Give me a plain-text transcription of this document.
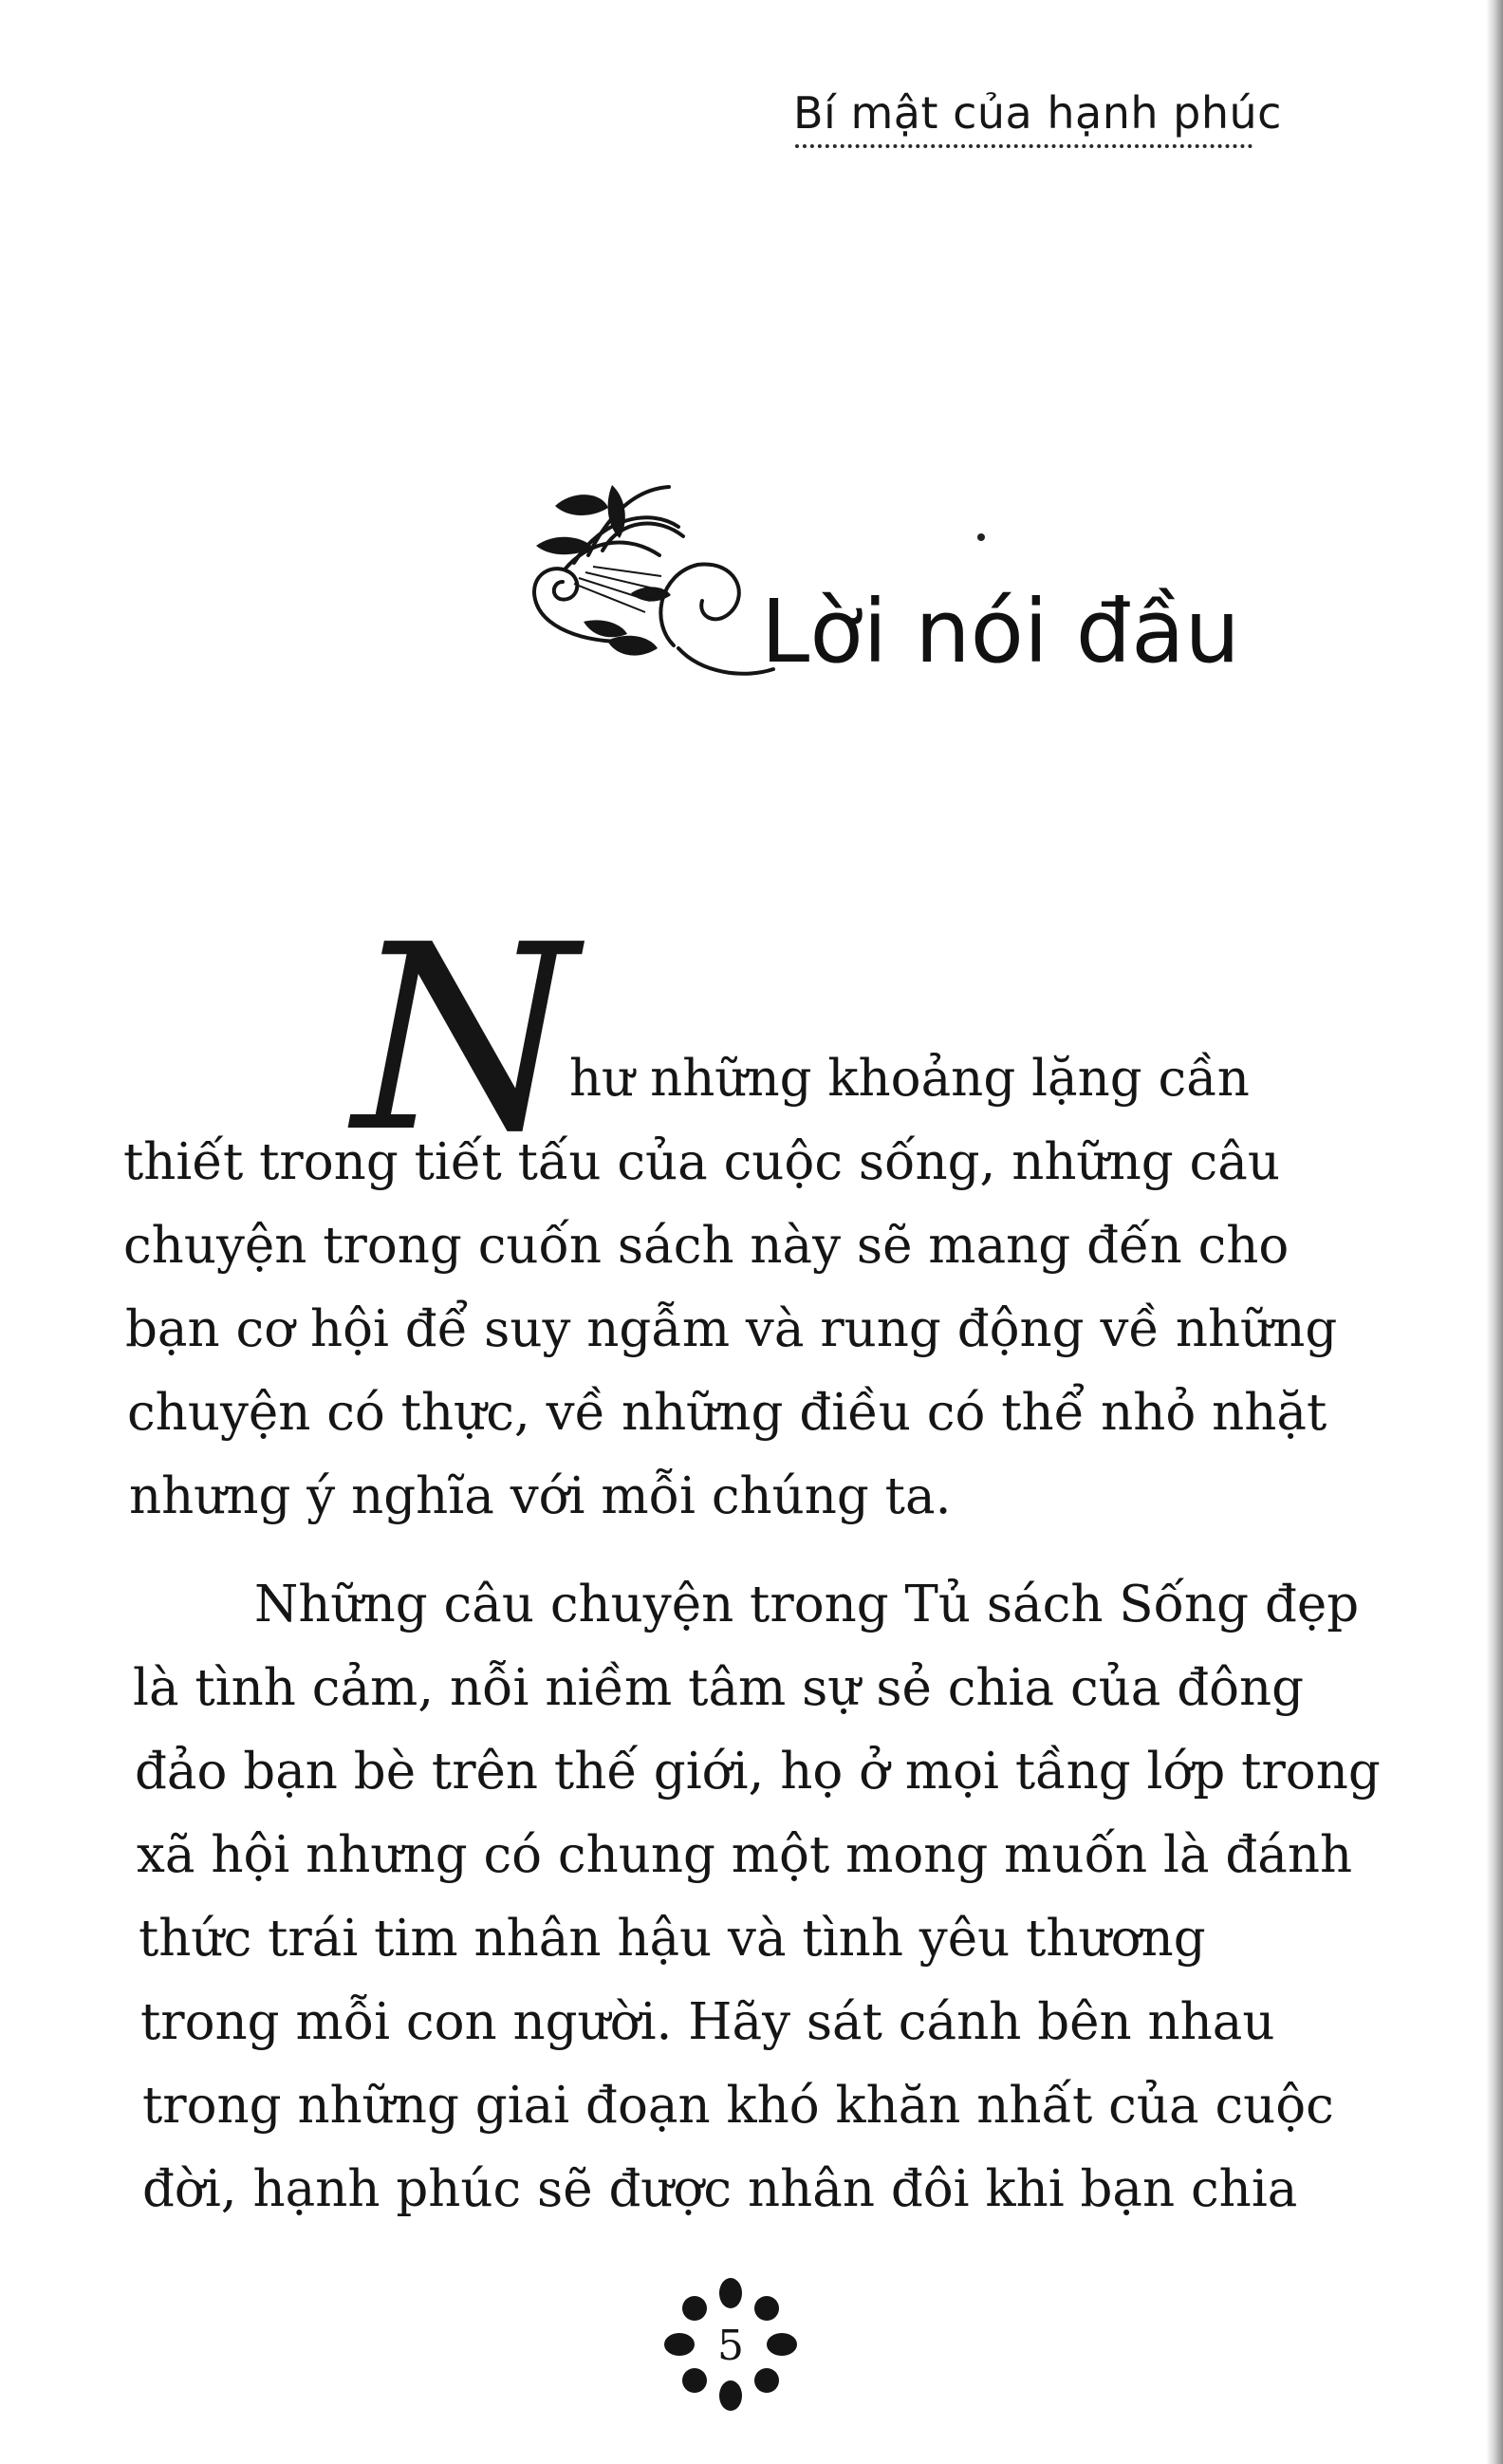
Bí mật của hạnh phúc
Lời nói đầu
N
hư những khoảng lặng cần
thiết trong tiết tấu của cuộc sống, những câu
chuyện trong cuốn sách này sẽ mang đến cho
bạn cơ hội để suy ngẫm và rung động về những
chuyện có thực, về những điều có thể nhỏ nhặt
nhưng ý nghĩa với mỗi chúng ta.
Những câu chuyện trong Tủ sách Sống đẹp
là tình cảm, nỗi niềm tâm sự sẻ chia của đông
đảo bạn bè trên thế giới, họ ở mọi tầng lớp trong
xã hội nhưng có chung một mong muốn là đánh
thức trái tim nhân hậu và tình yêu thương
trong mỗi con người. Hãy sát cánh bên nhau
trong những giai đoạn khó khăn nhất của cuộc
đời, hạnh phúc sẽ được nhân đôi khi bạn chia
5
